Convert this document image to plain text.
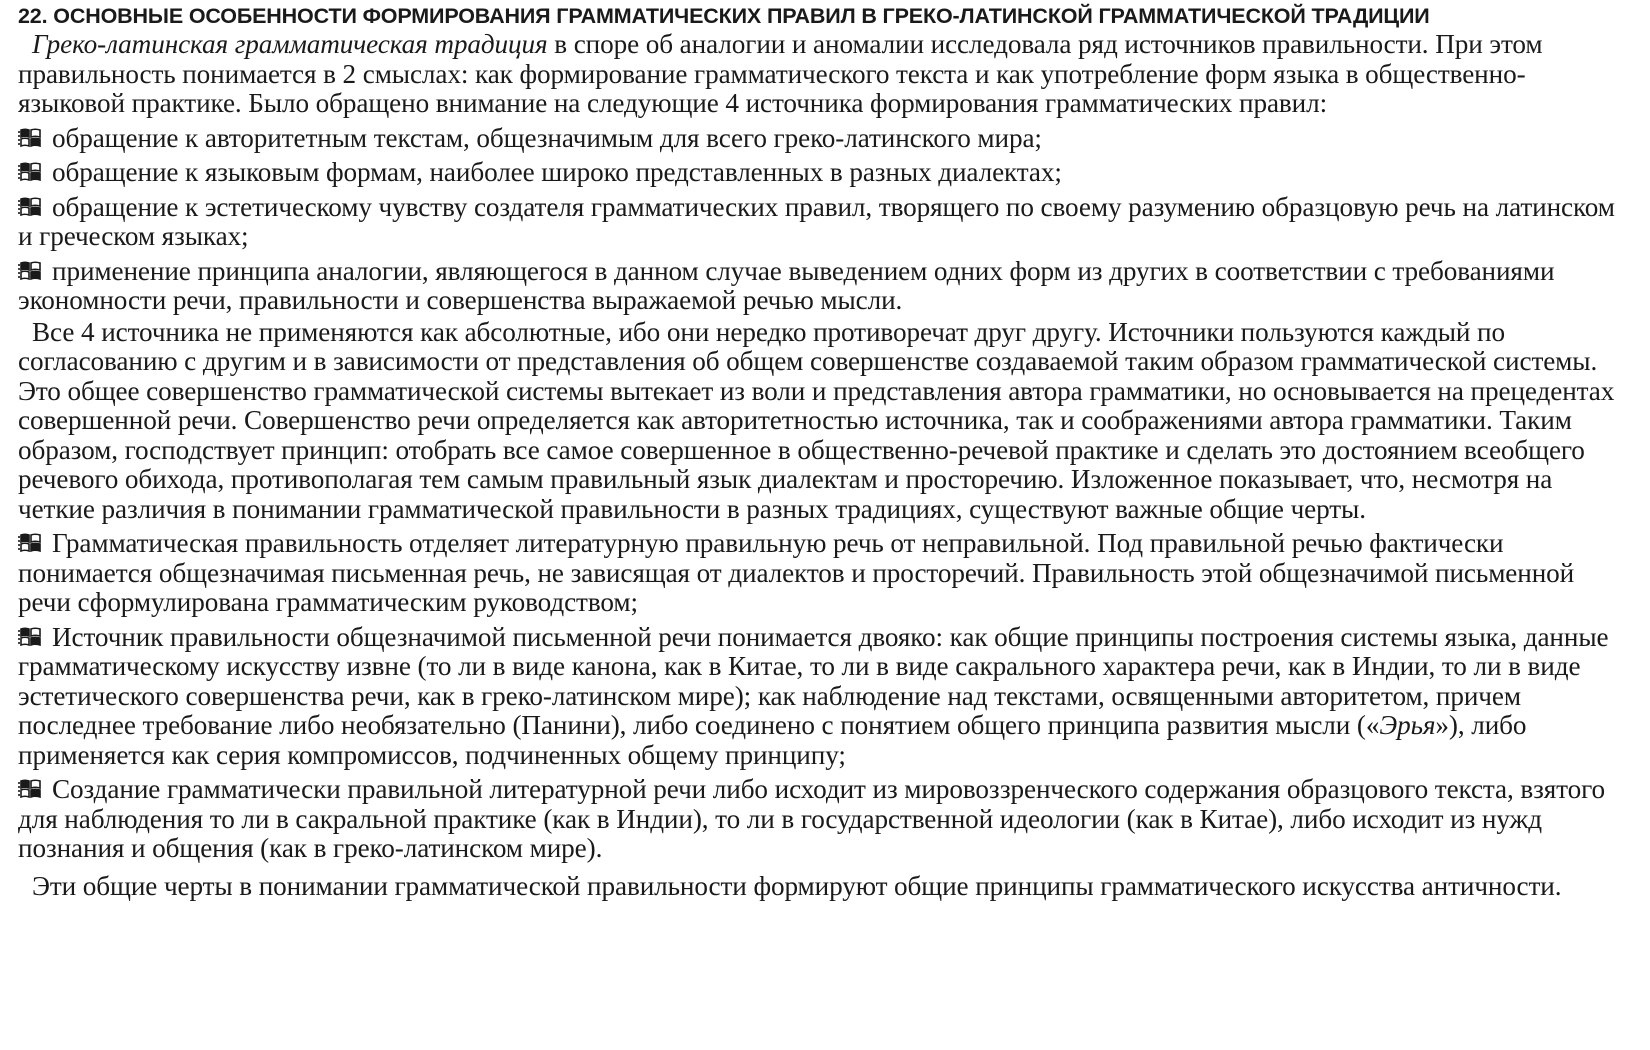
22. ОСНОВНЫЕ ОСОБЕННОСТИ ФОРМИРОВАНИЯ ГРАММАТИЧЕСКИХ ПРАВИЛ В ГРЕКО-ЛАТИНСКОЙ ГРАММАТИЧЕСКОЙ ТРАДИЦИИ

Греко-латинская грамматическая традиция в споре об аналогии и аномалии исследовала ряд источников правильности. При этом правильность понимается в 2 смыслах: как формирование грамматического текста и как употребление форм языка в общественно-языковой практике. Было обращено внимание на следующие 4 источника формирования грамматических правил:

обращение к авторитетным текстам, общезначимым для всего греко-латинского мира;

обращение к языковым формам, наиболее широко представленных в разных диалектах;

обращение к эстетическому чувству создателя грамматических правил, творящего по своему разумению образцовую речь на латинском и греческом языках;

применение принципа аналогии, являющегося в данном случае выведением одних форм из других в соответствии с требованиями экономности речи, правильности и совершенства выражаемой речью мысли.

Все 4 источника не применяются как абсолютные, ибо они нередко противоречат друг другу. Источники пользуются каждый по согласованию с другим и в зависимости от представления об общем совершенстве создаваемой таким образом грамматической системы. Это общее совершенство грамматической системы вытекает из воли и представления автора грамматики, но основывается на прецедентах совершенной речи. Совершенство речи определяется как авторитетностью источника, так и соображениями автора грамматики. Таким образом, господствует принцип: отобрать все самое совершенное в общественно-речевой практике и сделать это достоянием всеобщего речевого обихода, противополагая тем самым правильный язык диалектам и просторечию. Изложенное показывает, что, несмотря на четкие различия в понимании грамматической правильности в разных традициях, существуют важные общие черты.

Грамматическая правильность отделяет литературную правильную речь от неправильной. Под правильной речью фактически понимается общезначимая письменная речь, не зависящая от диалектов и просторечий. Правильность этой общезначимой письменной речи сформулирована грамматическим руководством;

Источник правильности общезначимой письменной речи понимается двояко: как общие принципы построения системы языка, данные грамматическому искусству извне (то ли в виде канона, как в Китае, то ли в виде сакрального характера речи, как в Индии, то ли в виде эстетического совершенства речи, как в греко-латинском мире); как наблюдение над текстами, освященными авторитетом, причем последнее требование либо необязательно (Панини), либо соединено с понятием общего принципа развития мысли («Эрья»), либо применяется как серия компромиссов, подчиненных общему принципу;

Создание грамматически правильной литературной речи либо исходит из мировоззренческого содержания образцового текста, взятого для наблюдения то ли в сакральной практике (как в Индии), то ли в государственной идеологии (как в Китае), либо исходит из нужд познания и общения (как в греко-латинском мире).

Эти общие черты в понимании грамматической правильности формируют общие принципы грамматического искусства античности.
